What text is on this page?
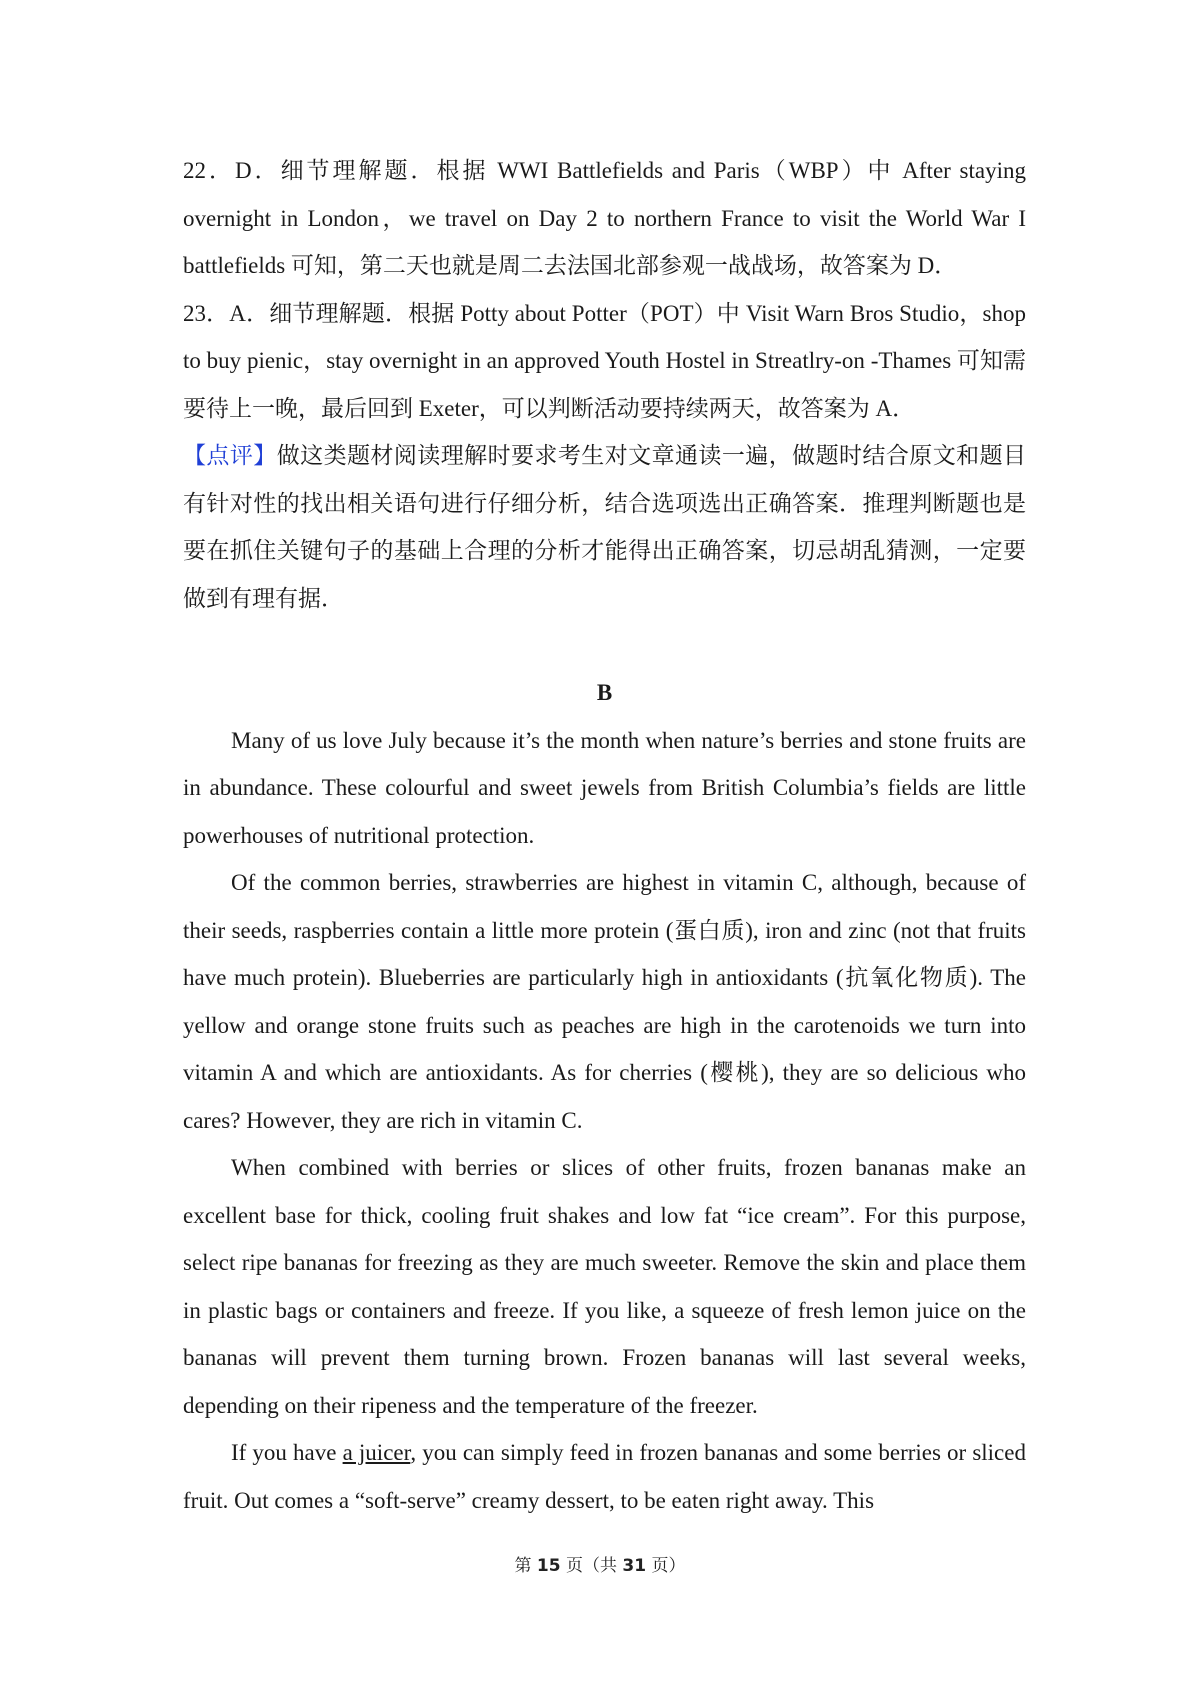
22．D．细节理解题．根据 WWI Battlefields and Paris（WBP）中 After staying overnight in London，we travel on Day 2 to northern France to visit the World War I battlefields 可知，第二天也就是周二去法国北部参观一战战场，故答案为 D．

23．A．细节理解题．根据 Potty about Potter（POT）中 Visit Warn Bros Studio，shop to buy pienic，stay overnight in an approved Youth Hostel in Streatlry-on -Thames 可知需要待上一晚，最后回到 Exeter，可以判断活动要持续两天，故答案为 A．

【点评】做这类题材阅读理解时要求考生对文章通读一遍，做题时结合原文和题目有针对性的找出相关语句进行仔细分析，结合选项选出正确答案．推理判断题也是要在抓住关键句子的基础上合理的分析才能得出正确答案，切忌胡乱猜测，一定要做到有理有据．

B

Many of us love July because it’s the month when nature’s berries and stone fruits are in abundance. These colourful and sweet jewels from British Columbia’s fields are little powerhouses of nutritional protection.

Of the common berries, strawberries are highest in vitamin C, although, because of their seeds, raspberries contain a little more protein (蛋白质), iron and zinc (not that fruits have much protein). Blueberries are particularly high in antioxidants (抗氧化物质). The yellow and orange stone fruits such as peaches are high in the carotenoids we turn into vitamin A and which are antioxidants. As for cherries (樱桃), they are so delicious who cares? However, they are rich in vitamin C.

When combined with berries or slices of other fruits, frozen bananas make an excellent base for thick, cooling fruit shakes and low fat “ice cream”. For this purpose, select ripe bananas for freezing as they are much sweeter. Remove the skin and place them in plastic bags or containers and freeze. If you like, a squeeze of fresh lemon juice on the bananas will prevent them turning brown. Frozen bananas will last several weeks, depending on their ripeness and the temperature of the freezer.

If you have a juicer, you can simply feed in frozen bananas and some berries or sliced fruit. Out comes a “soft-serve” creamy dessert, to be eaten right away. This

第 15 页（共 31 页）
